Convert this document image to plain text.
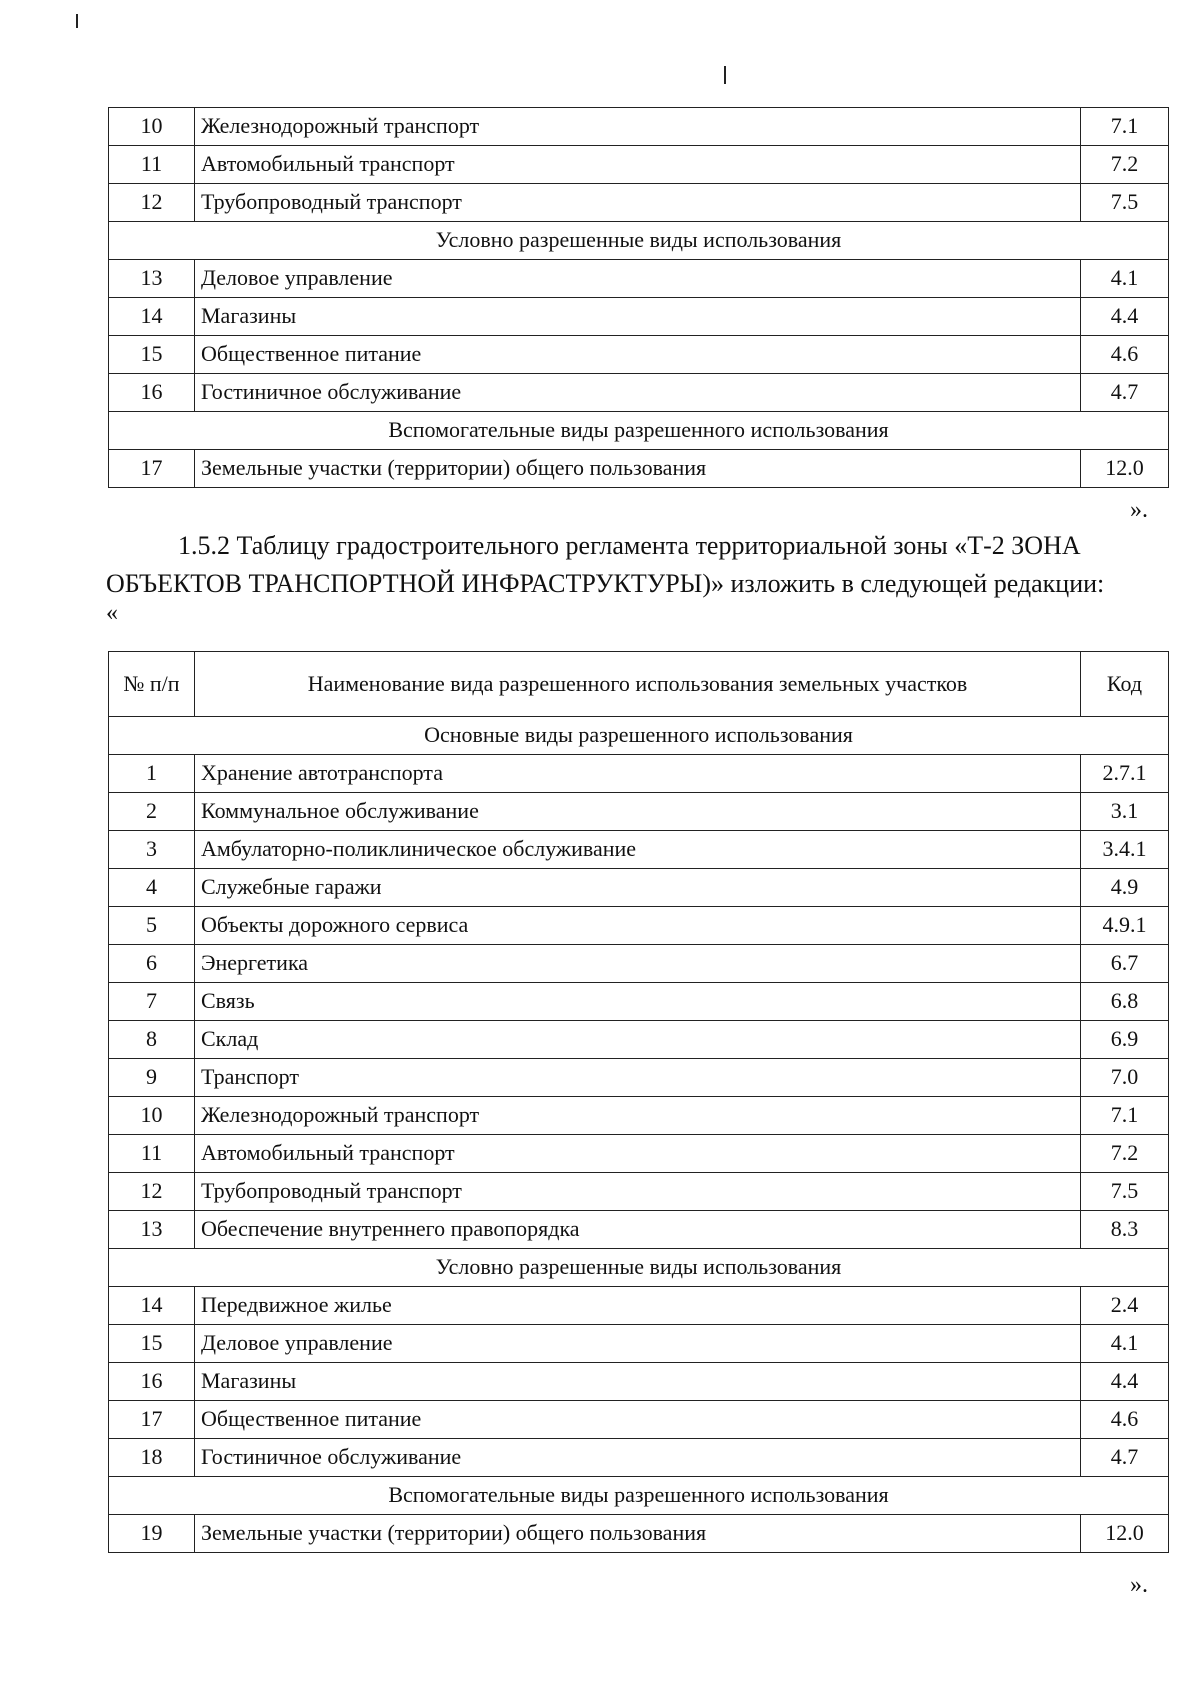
10	Железнодорожный транспорт	7.1
11	Автомобильный транспорт	7.2
12	Трубопроводный транспорт	7.5
Условно разрешенные виды использования		
13	Деловое управление	4.1
14	Магазины	4.4
15	Общественное питание	4.6
16	Гостиничное обслуживание	4.7
Вспомогательные виды разрешенного использования		
17	Земельные участки (территории) общего пользования	12.0
».

1.5.2 Таблицу градостроительного регламента территориальной зоны «Т-2 ЗОНА

ОБЪЕКТОВ ТРАНСПОРТНОЙ ИНФРАСТРУКТУРЫ)» изложить в следующей редакции:

«
№ п/п	Наименование вида разрешенного использования земельных участков	Код
Основные виды разрешенного использования		
1	Хранение автотранспорта	2.7.1
2	Коммунальное обслуживание	3.1
3	Амбулаторно-поликлиническое обслуживание	3.4.1
4	Служебные гаражи	4.9
5	Объекты дорожного сервиса	4.9.1
6	Энергетика	6.7
7	Связь	6.8
8	Склад	6.9
9	Транспорт	7.0
10	Железнодорожный транспорт	7.1
11	Автомобильный транспорт	7.2
12	Трубопроводный транспорт	7.5
13	Обеспечение внутреннего правопорядка	8.3
Условно разрешенные виды использования		
14	Передвижное жилье	2.4
15	Деловое управление	4.1
16	Магазины	4.4
17	Общественное питание	4.6
18	Гостиничное обслуживание	4.7
Вспомогательные виды разрешенного использования		
19	Земельные участки (территории) общего пользования	12.0
».
